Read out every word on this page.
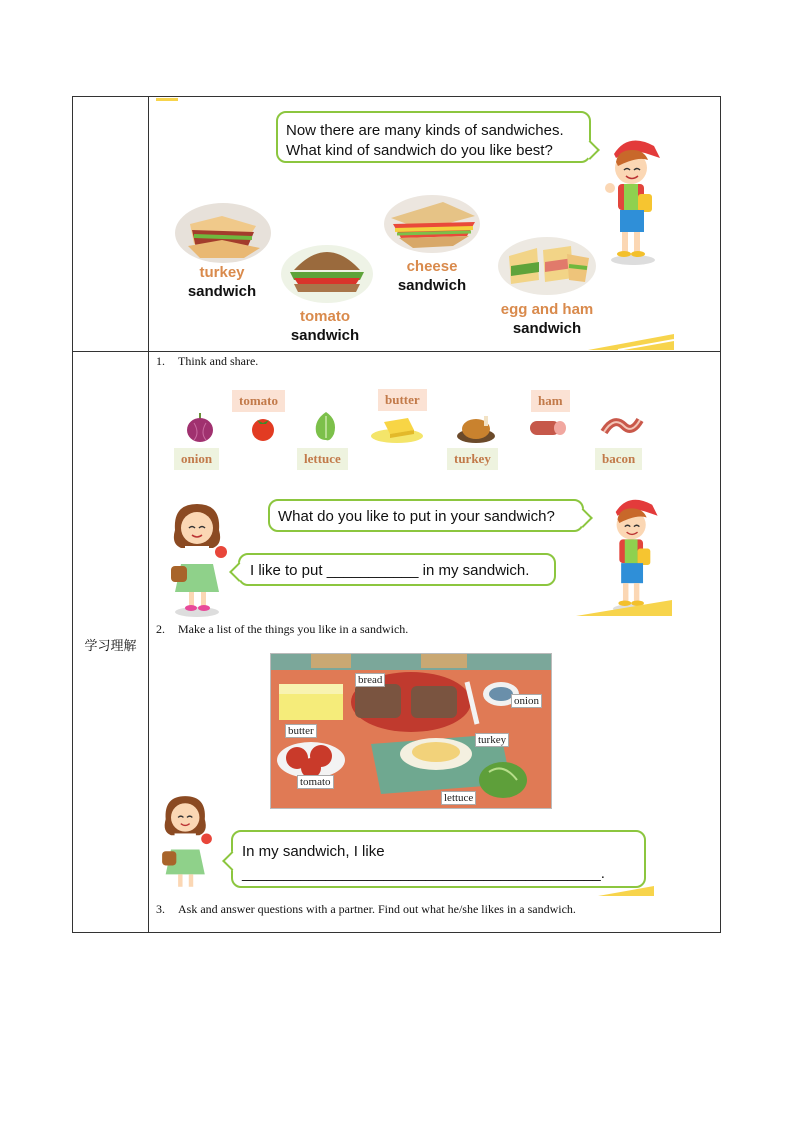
学习理解
Now there are many kinds of sandwiches.
What kind of sandwich do you like best?
turkey
sandwich
tomato
sandwich
cheese
sandwich
egg and ham
sandwich
1. Think and share.
tomato	butter	ham
onion	lettuce	turkey	bacon
What do you like to put in your sandwich?
I like to put ___________ in my sandwich.
2. Make a list of the things you like in a sandwich.
bread
onion
butter
turkey
tomato
lettuce
In my sandwich, I like
___________________________________________.
3. Ask and answer questions with a partner. Find out what he/she likes in a sandwich.
